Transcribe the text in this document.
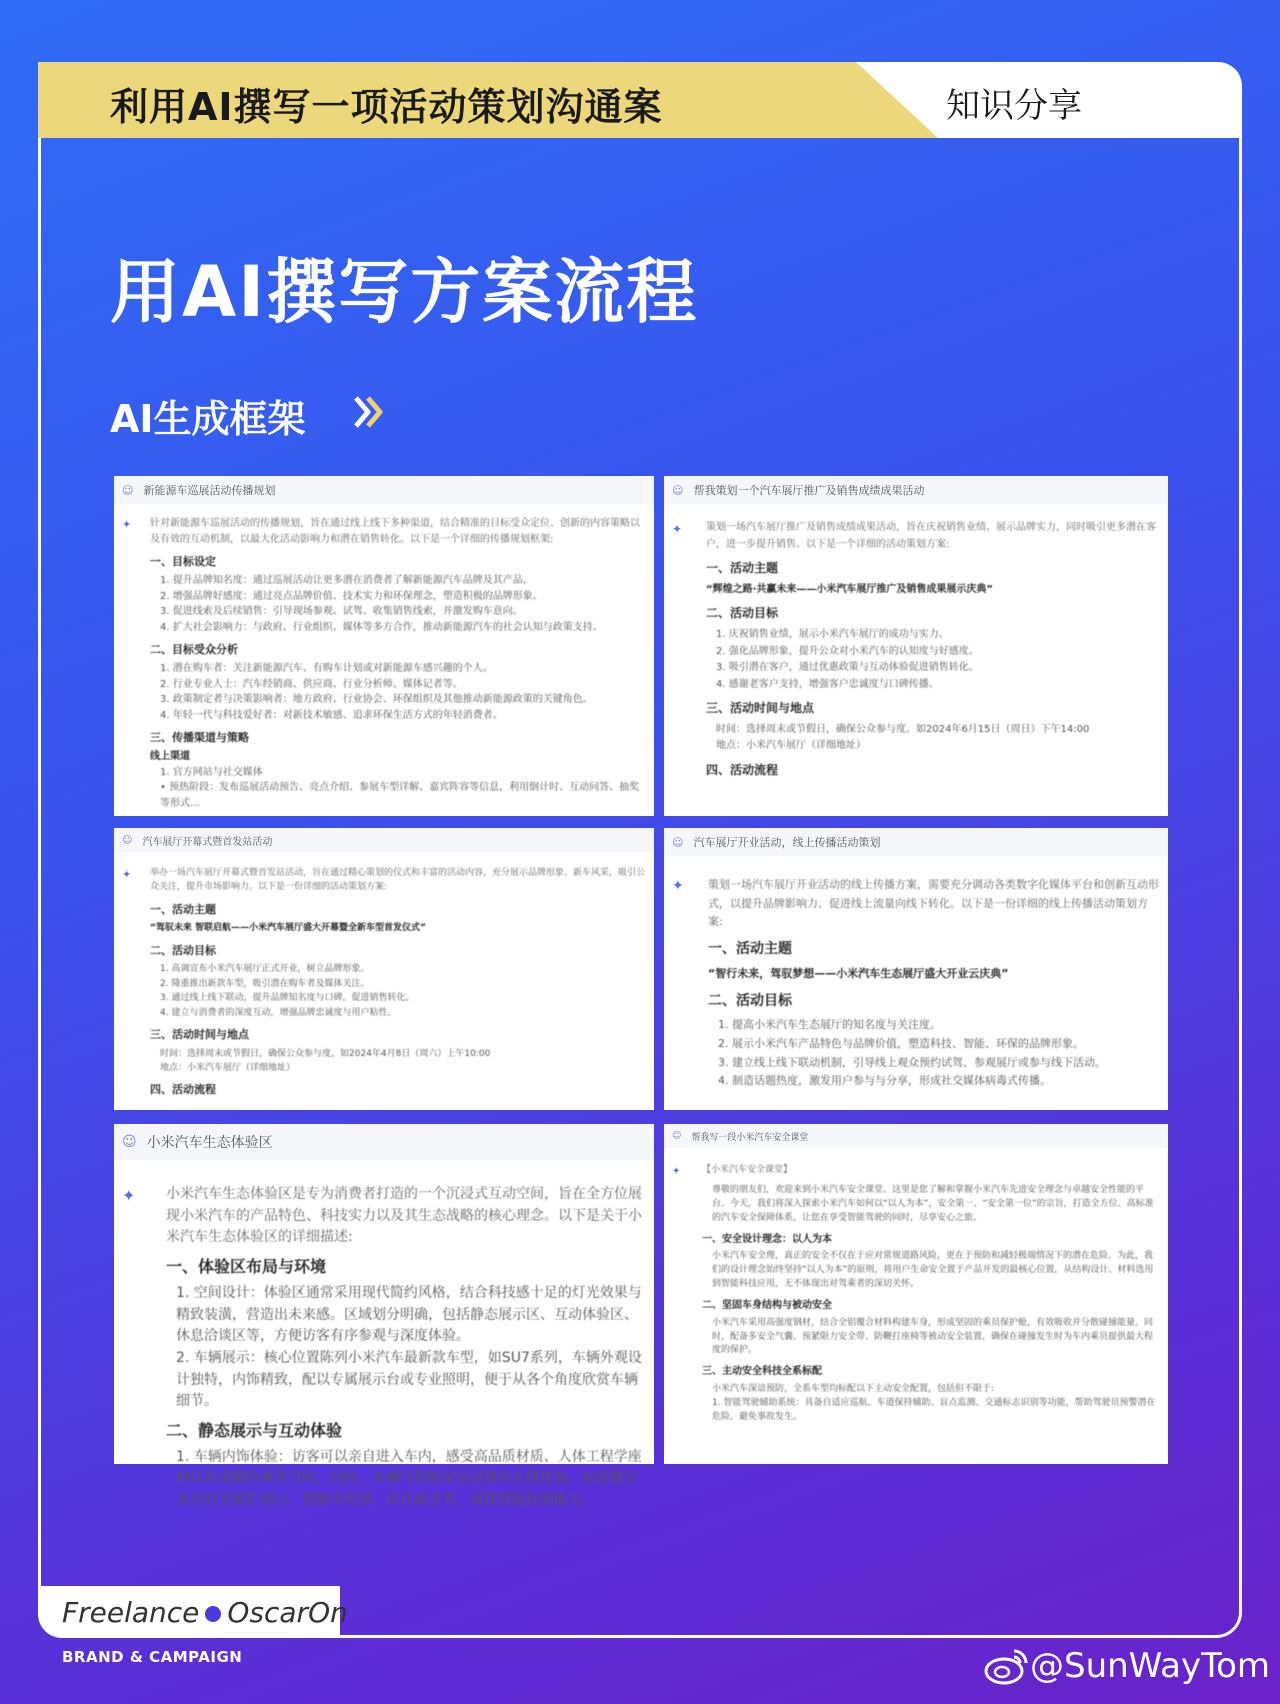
利用AI撰写一项活动策划沟通案	知识分享
用AI撰写方案流程
AI生成框架
☺ 新能源车巡展活动传播规划
✦ 针对新能源车巡展活动的传播规划，旨在通过线上线下多种渠道，结合精准的目标受众定位、创新的内容策略以及有效的互动机制，以最大化活动影响力和潜在销售转化。以下是一个详细的传播规划框架:

一、目标设定

1. 提升品牌知名度：通过巡展活动让更多潜在消费者了解新能源汽车品牌及其产品。

2. 增强品牌好感度：通过亮点品牌价值、技术实力和环保理念，塑造积极的品牌形象。

3. 促进线索及后续销售：引导现场参观、试驾、收集销售线索，并激发购车意向。

4. 扩大社会影响力：与政府、行业组织、媒体等多方合作，推动新能源汽车的社会认知与政策支持。

二、目标受众分析

1. 潜在购车者：关注新能源汽车、有购车计划或对新能源车感兴趣的个人。

2. 行业专业人士：汽车经销商、供应商、行业分析师、媒体记者等。

3. 政策制定者与决策影响者：地方政府、行业协会、环保组织及其他推动新能源政策的关键角色。

4. 年轻一代与科技爱好者：对新技术敏感、追求环保生活方式的年轻消费者。

三、传播渠道与策略

线上渠道

1. 官方网站与社交媒体

• 预热阶段：发布巡展活动预告、亮点介绍、参展车型详解、嘉宾阵容等信息，利用倒计时、互动问答、抽奖等形式...

☺ 帮我策划一个汽车展厅推广及销售成绩成果活动
✦ 策划一场汽车展厅推广及销售成绩成果活动，旨在庆祝销售业绩、展示品牌实力，同时吸引更多潜在客户，进一步提升销售。以下是一个详细的活动策划方案:

一、活动主题

“辉煌之路·共赢未来——小米汽车展厅推广及销售成果展示庆典”

二、活动目标

1. 庆祝销售业绩，展示小米汽车展厅的成功与实力。

2. 强化品牌形象，提升公众对小米汽车的认知度与好感度。

3. 吸引潜在客户，通过优惠政策与互动体验促进销售转化。

4. 感谢老客户支持，增强客户忠诚度与口碑传播。

三、活动时间与地点

时间：选择周末或节假日，确保公众参与度。如2024年6月15日（周日）下午14:00

地点：小米汽车展厅（详细地址）

四、活动流程

☺ 汽车展厅开幕式暨首发站活动
✦ 举办一场汽车展厅开幕式暨首发站活动，旨在通过精心策划的仪式和丰富的活动内容，充分展示品牌形象、新车风采，吸引公众关注，提升市场影响力。以下是一份详细的活动策划方案:

一、活动主题

“驾驭未来 智联启航——小米汽车展厅盛大开幕暨全新车型首发仪式”

二、活动目标

1. 高调宣布小米汽车展厅正式开业，树立品牌形象。

2. 隆重推出新款车型，吸引潜在购车者及媒体关注。

3. 通过线上线下联动，提升品牌知名度与口碑，促进销售转化。

4. 建立与消费者的深度互动，增强品牌忠诚度与用户粘性。

三、活动时间与地点

时间：选择周末或节假日，确保公众参与度。如2024年4月8日（周六）上午10:00

地点：小米汽车展厅（详细地址）

四、活动流程

☺ 汽车展厅开业活动，线上传播活动策划
✦ 策划一场汽车展厅开业活动的线上传播方案，需要充分调动各类数字化媒体平台和创新互动形式，以提升品牌影响力、促进线上流量向线下转化。以下是一份详细的线上传播活动策划方案:

一、活动主题

“智行未来，驾驭梦想——小米汽车生态展厅盛大开业云庆典”

二、活动目标

1. 提高小米汽车生态展厅的知名度与关注度。

2. 展示小米汽车产品特色与品牌价值，塑造科技、智能、环保的品牌形象。

3. 建立线上线下联动机制，引导线上观众预约试驾、参观展厅或参与线下活动。

4. 制造话题热度，激发用户参与与分享，形成社交媒体病毒式传播。

☺ 小米汽车生态体验区
✦ 小米汽车生态体验区是专为消费者打造的一个沉浸式互动空间，旨在全方位展现小米汽车的产品特色、科技实力以及其生态战略的核心理念。以下是关于小米汽车生态体验区的详细描述:

一、体验区布局与环境

1. 空间设计：体验区通常采用现代简约风格，结合科技感十足的灯光效果与精致装潢，营造出未来感。区域划分明确，包括静态展示区、互动体验区、休息洽谈区等，方便访客有序参观与深度体验。

2. 车辆展示：核心位置陈列小米汽车最新款车型，如SU7系列，车辆外观设计独特，内饰精致，配以专属展示台或专业照明，便于从各个角度欣赏车辆细节。

二、静态展示与互动体验

1. 车辆内饰体验：访客可以亲自进入车内，感受高品质材质、人体工程学座椅以及宽敞的乘坐空间。同时，车辆与智能家居设备的无缝连接，如前排仪表台的金属扩展口、智能中控屏、语音助手等，展现智能控制能力。

☺ 帮我写一段小米汽车安全课堂
✦ 【小米汽车安全课堂】

尊敬的朋友们，欢迎来到小米汽车安全课堂。这里是您了解和掌握小米汽车先进安全理念与卓越安全性能的平台。今天，我们将深入探索小米汽车如何以“以人为本”，安全第一、“安全第一位”的宗旨，打造全方位、高标准的汽车安全保障体系，让您在享受智能驾驶的同时，尽享安心之旅。

一、安全设计理念：以人为本

小米汽车安全理，真正的安全不仅在于应对常规道路风险，更在于预防和减轻极端情况下的潜在危险。为此，我们的设计理念始终坚持“以人为本”的原则，将用户生命安全置于产品开发的最核心位置，从结构设计、材料选用到智能科技应用，无不体现出对驾乘者的深切关怀。

二、坚固车身结构与被动安全

小米汽车采用高强度钢材，结合全铝覆合材料构建车身，形成坚固的乘员保护舱，有效吸收并分散碰撞能量。同时，配备多安全气囊、预紧限力安全带、防鞭打座椅等被动安全装置，确保在碰撞发生时为车内乘员提供最大程度的保护。

三、主动安全科技全系标配

小米汽车深谙预防，全系车型均标配以下主动安全配置，包括但不限于:

1. 智能驾驶辅助系统：具备自适应巡航、车道保持辅助、盲点监测、交通标志识别等功能，帮助驾驶员预警潜在危险，避免事故发生。

Freelance OscarOn
BRAND & CAMPAIGN	@SunWayTom
